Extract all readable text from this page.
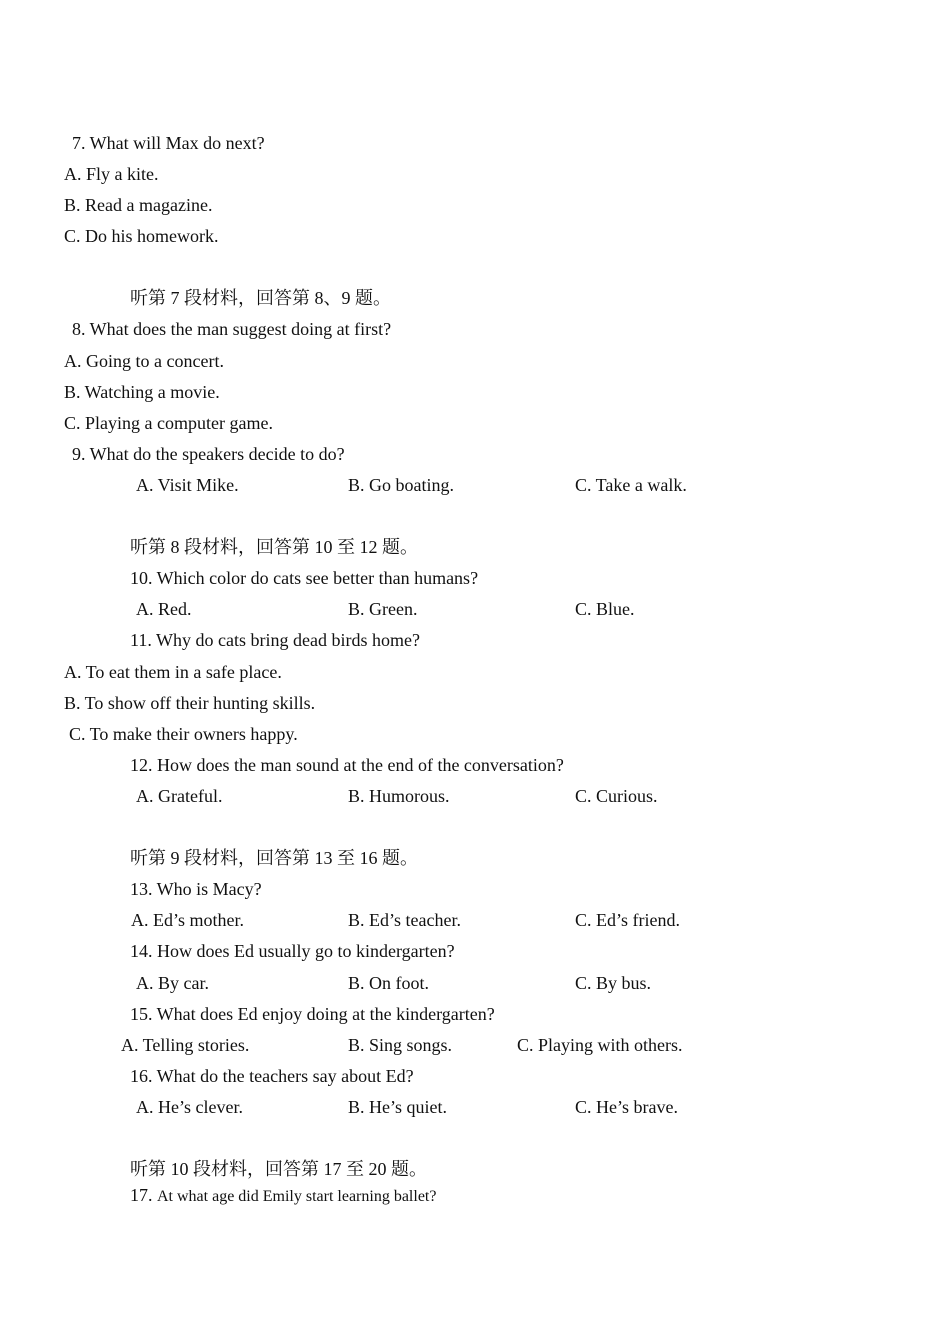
7. What will Max do next?
A. Fly a kite.
B. Read a magazine.
C. Do his homework.
听第 7 段材料，回答第 8、9 题。
8. What does the man suggest doing at first?
A. Going to a concert.
B. Watching a movie.
C. Playing a computer game.
9. What do the speakers decide to do?
A. Visit Mike.	B. Go boating.	C. Take a walk.
听第 8 段材料，回答第 10 至 12 题。
10. Which color do cats see better than humans?
A. Red.	B. Green.	C. Blue.
11. Why do cats bring dead birds home?
A. To eat them in a safe place.
B. To show off their hunting skills.
C. To make their owners happy.
12. How does the man sound at the end of the conversation?
A. Grateful.	B. Humorous.	C. Curious.
听第 9 段材料，回答第 13 至 16 题。
13. Who is Macy?
A. Ed’s mother.	B. Ed’s teacher.	C. Ed’s friend.
14. How does Ed usually go to kindergarten?
A. By car.	B. On foot.	C. By bus.
15. What does Ed enjoy doing at the kindergarten?
A. Telling stories.	B. Sing songs.	C. Playing with others.
16. What do the teachers say about Ed?
A. He’s clever.	B. He’s quiet.	C. He’s brave.
听第 10 段材料，回答第 17 至 20 题。
17. At what age did Emily start learning ballet?
